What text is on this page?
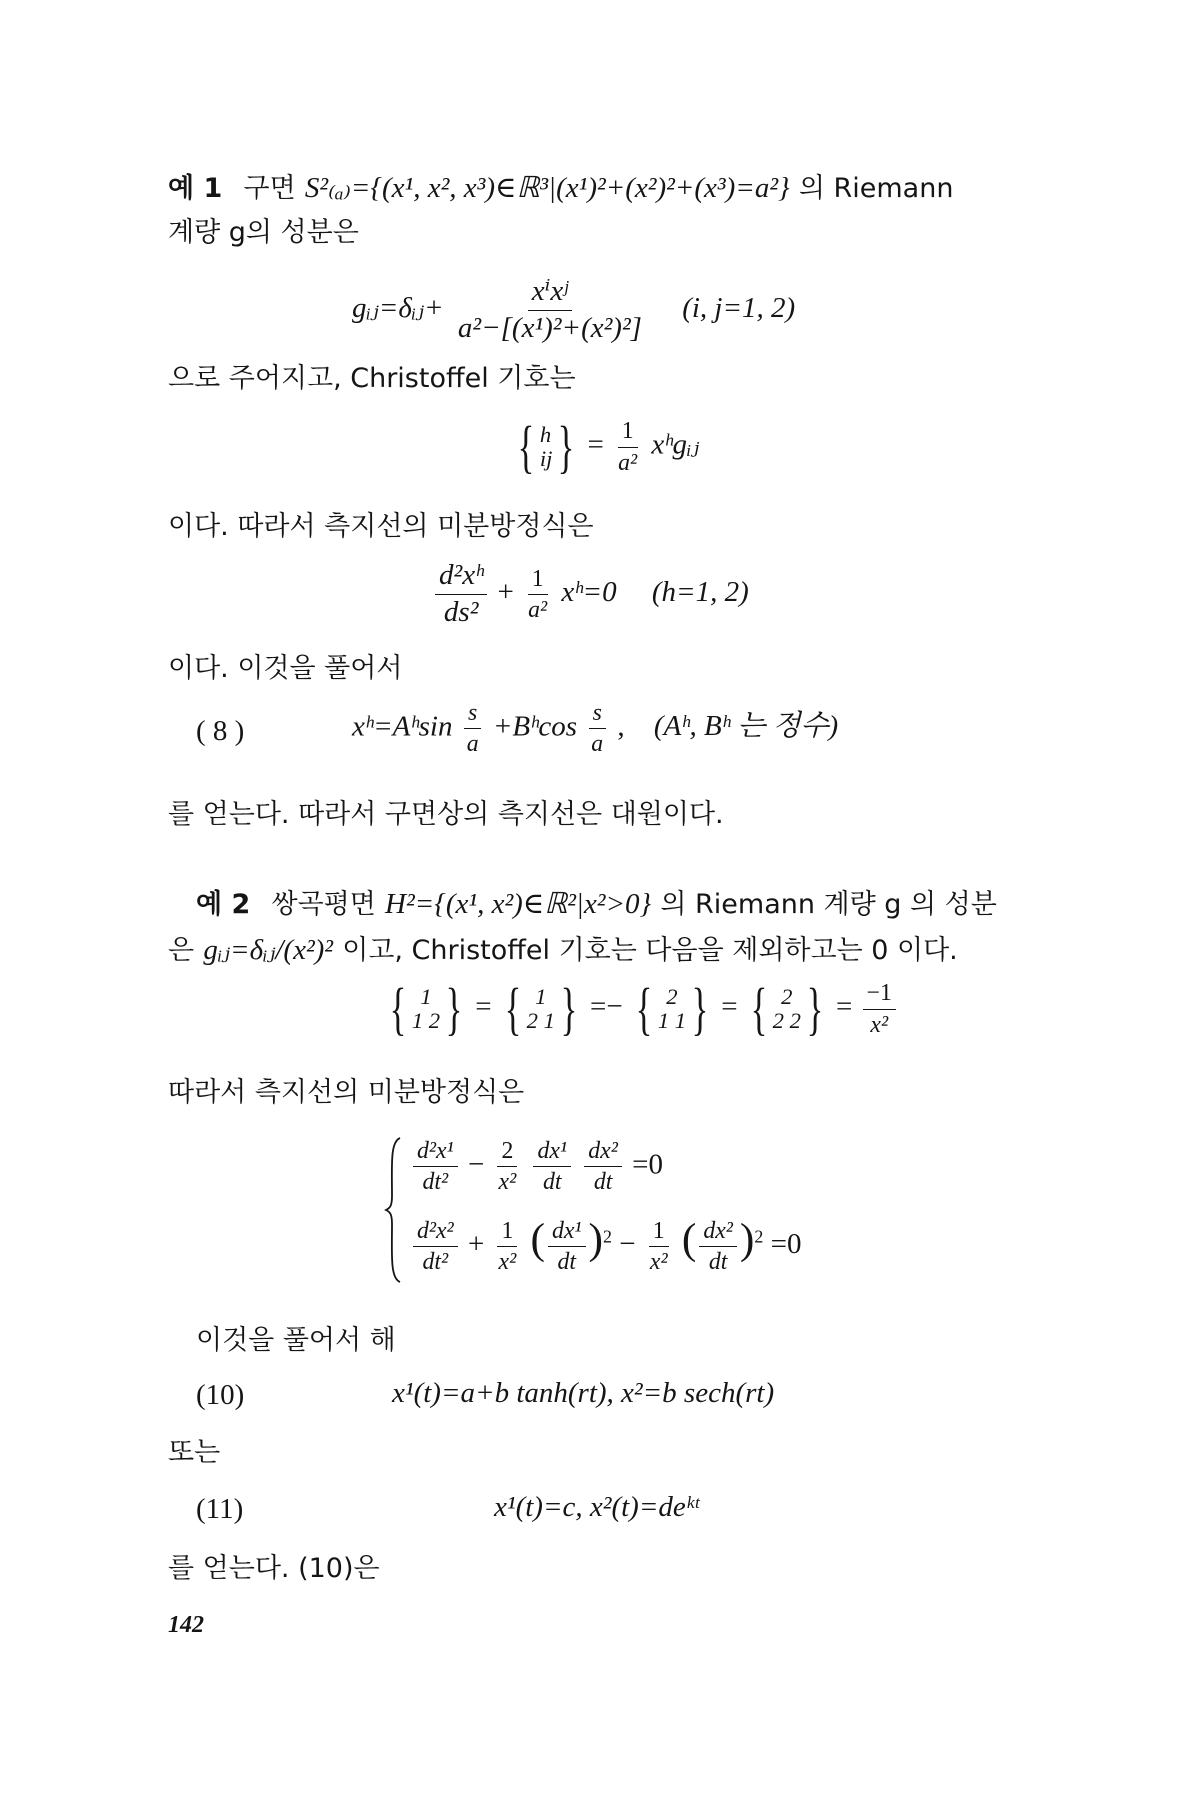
예 1 구면 S²₍ₐ₎={(x¹, x², x³)∈ℝ³|(x¹)²+(x²)²+(x³)=a²} 의 Riemann
계량 g의 성분은
gᵢⱼ=δᵢⱼ+ $\frac{\text{xⁱxʲ}}{\text{a²−[(x¹)²+(x²)²]}} (i$, j=1, 2)
으로 주어지고, Christoffel 기호는
{ h
ij } = $\frac{1}{\text{a²}}$ xʰgᵢⱼ
이다. 따라서 측지선의 미분방정식은
$\frac{\text{d²xʰ}}{\text{ds²}} + \frac{1}{\text{a²}}$ xʰ=0 (h=1, 2)
이다. 이것을 풀어서
( 8 )	xʰ=Aʰsin $\frac{s}{a}$ +Bʰcos $\frac{s}{a}$ , (Aʰ, Bʰ 는 정수)
를 얻는다. 따라서 구면상의 측지선은 대원이다.
예 2 쌍곡평면 H²={(x¹, x²)∈ℝ²|x²>0} 의 Riemann 계량 g 의 성분
은 gᵢⱼ=δᵢⱼ/(x²)² 이고, Christoffel 기호는 다음을 제외하고는 0 이다.
{ 1
1 2 } = { 1
2 1 } =− { 2
1 1 } = { 2
2 2 } = $\frac{-1}{\text{x²}}$
따라서 측지선의 미분방정식은
$\frac{\text{d²x¹}}{\text{dt²}} - \frac{2}{\text{x²}}$
$\frac{\text{dx¹}}{dt}$
$\frac{\text{dx²}}{dt} =0$
$\frac{\text{d²x²}}{\text{dt²}} + \frac{1}{\text{x²}}$ ( $\frac{\text{dx¹}}{dt} )^2 - \frac{1}{\text{x²}}$ ( $\frac{\text{dx²}}{dt} )^2 =0$
이것을 풀어서 해
(10)	x¹(t)=a+b tanh(rt), x²=b sech(rt)
또는
(11)	x¹(t)=c, x²(t)=deᵏᵗ
를 얻는다. (10)은
142
